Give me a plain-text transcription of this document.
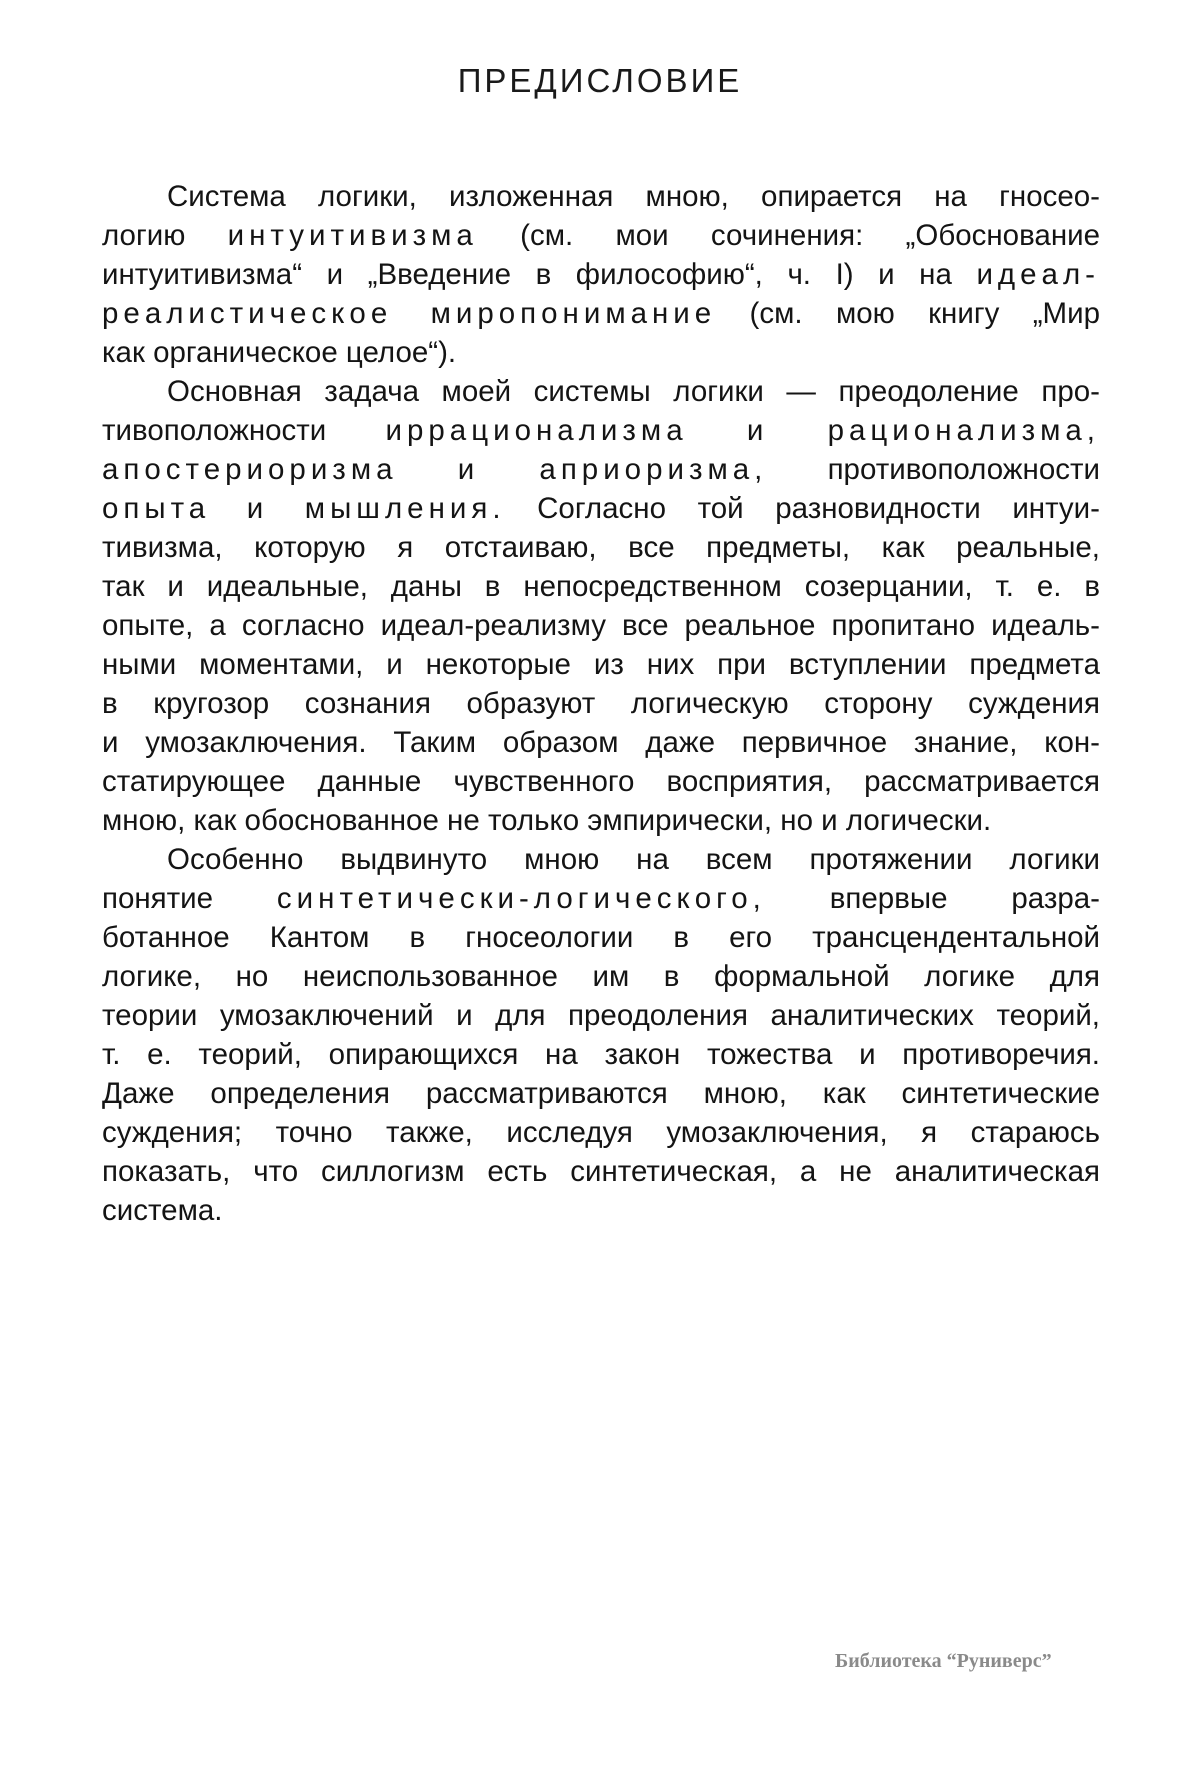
ПРЕДИСЛОВИЕ
Система логики, изложенная мною, опирается на гносео-
логию интуитивизма (см. мои сочинения: „Обоснование
интуитивизма“ и „Введение в философию“, ч. I) и на идеал-
реалистическое миропонимание (см. мою книгу „Мир
как органическое целое“).
Основная задача моей системы логики — преодоление про-
тивоположности иррационализма и рационализма,
апостериоризма и априоризма, противоположности
опыта и мышления. Согласно той разновидности интуи-
тивизма, которую я отстаиваю, все предметы, как реальные,
так и идеальные, даны в непосредственном созерцании, т. е. в
опыте, а согласно идеал-реализму все реальное пропитано идеаль-
ными моментами, и некоторые из них при вступлении предмета
в кругозор сознания образуют логическую сторону суждения
и умозаключения. Таким образом даже первичное знание, кон-
статирующее данные чувственного восприятия, рассматривается
мною, как обоснованное не только эмпирически, но и логически.
Особенно выдвинуто мною на всем протяжении логики
понятие синтетически-логического, впервые разра-
ботанное Кантом в гносеологии в его трансцендентальной
логике, но неиспользованное им в формальной логике для
теории умозаключений и для преодоления аналитических теорий,
т. е. теорий, опирающихся на закон тожества и противоречия.
Даже определения рассматриваются мною, как синтетические
суждения; точно также, исследуя умозаключения, я стараюсь
показать, что силлогизм есть синтетическая, а не аналитическая
система.
Библиотека “Руниверс”
